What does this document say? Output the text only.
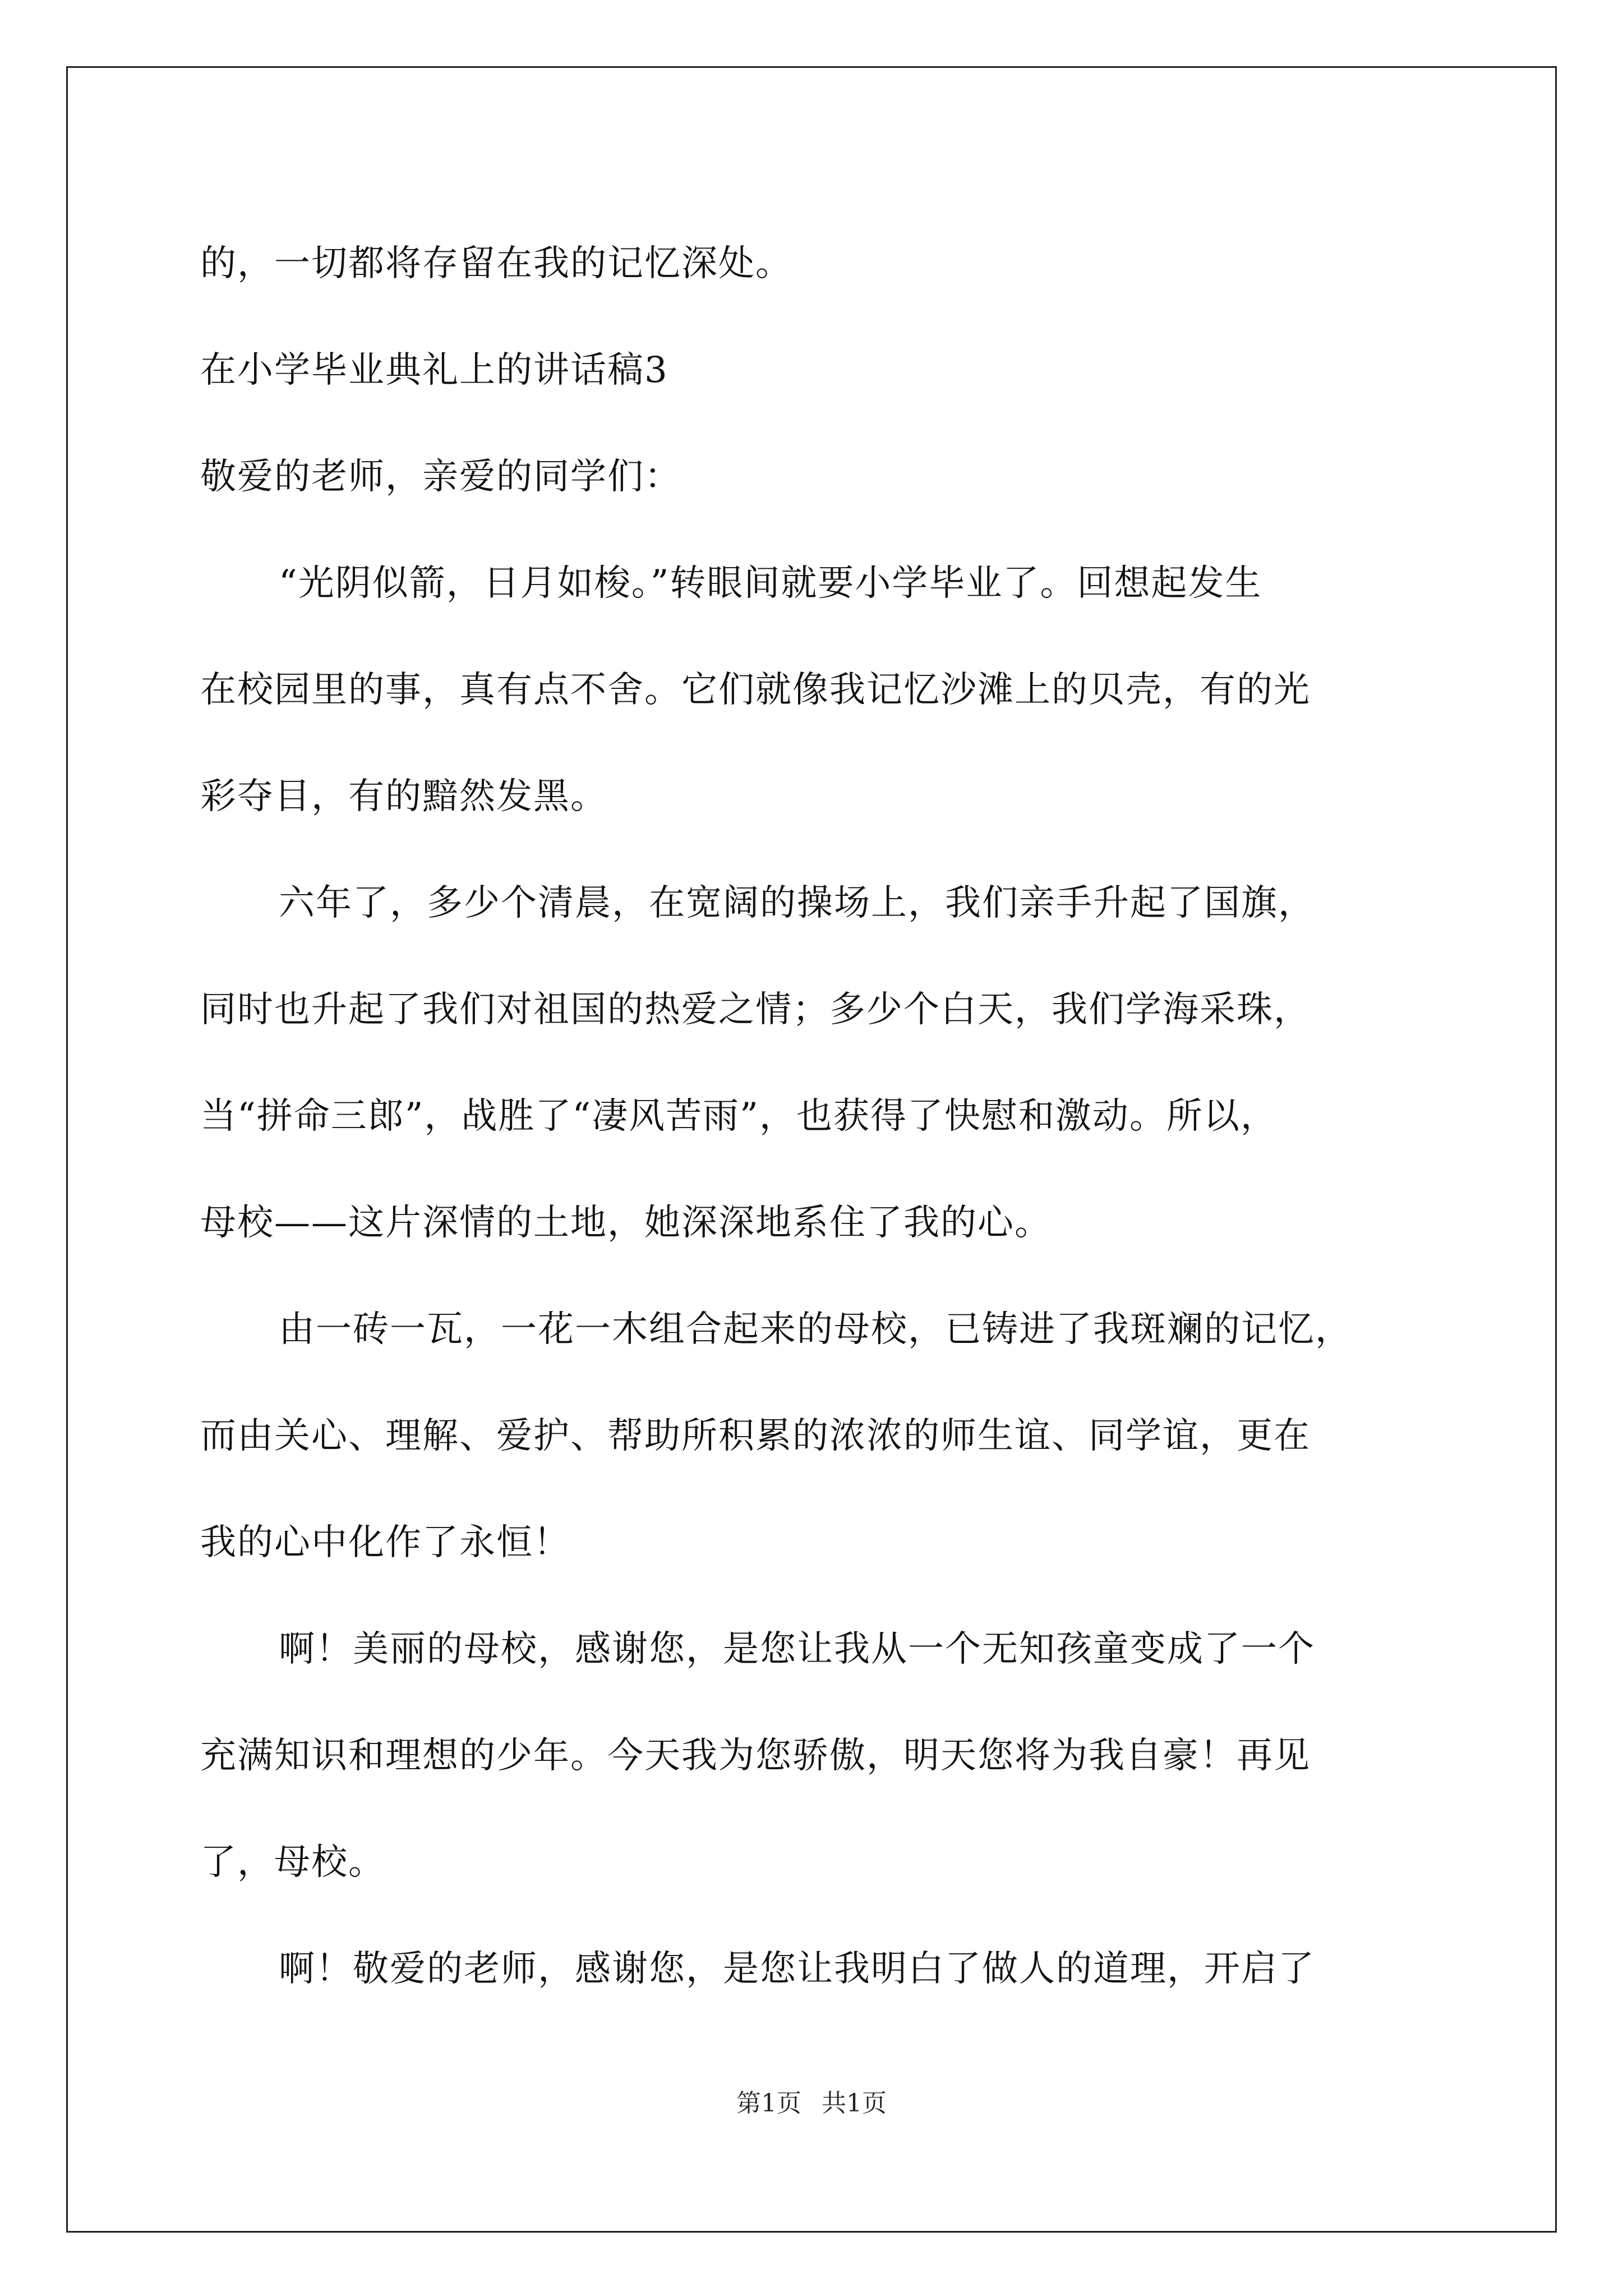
的，一切都将存留在我的记忆深处。

在小学毕业典礼上的讲话稿3

敬爱的老师，亲爱的同学们：

“光阴似箭，日月如梭。”转眼间就要小学毕业了。回想起发生

在校园里的事，真有点不舍。它们就像我记忆沙滩上的贝壳，有的光

彩夺目，有的黯然发黑。

六年了，多少个清晨，在宽阔的操场上，我们亲手升起了国旗，

同时也升起了我们对祖国的热爱之情；多少个白天，我们学海采珠，

当“拼命三郎”，战胜了“凄风苦雨”，也获得了快慰和激动。所以，

母校——这片深情的土地，她深深地系住了我的心。

由一砖一瓦，一花一木组合起来的母校，已铸进了我斑斓的记忆，

而由关心、理解、爱护、帮助所积累的浓浓的师生谊、同学谊，更在

我的心中化作了永恒！

啊！美丽的母校，感谢您，是您让我从一个无知孩童变成了一个

充满知识和理想的少年。今天我为您骄傲，明天您将为我自豪！再见

了，母校。

啊！敬爱的老师，感谢您，是您让我明白了做人的道理，开启了

第1页 共1页
